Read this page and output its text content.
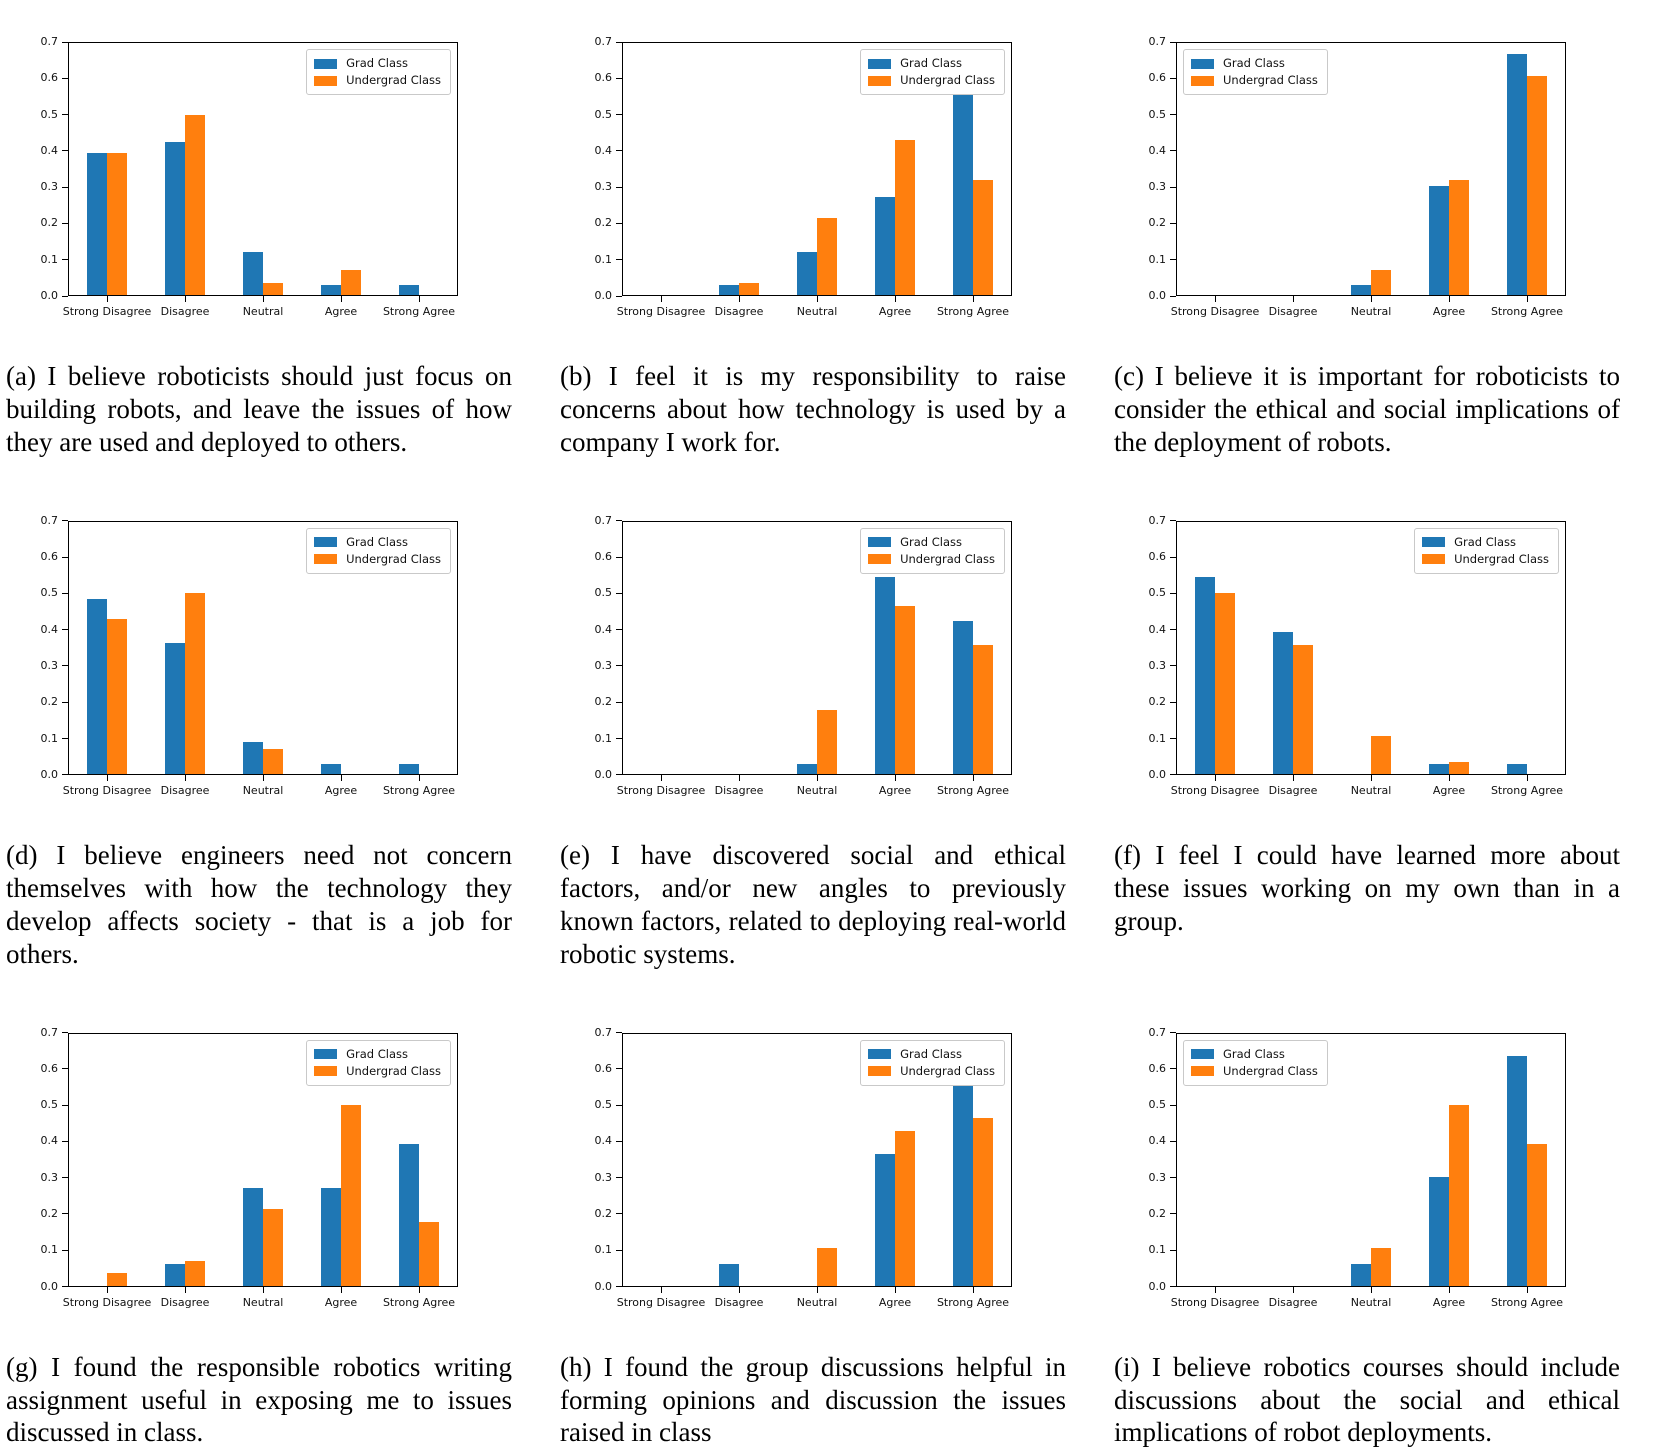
0.0
0.1
0.2
0.3
0.4
0.5
0.6
0.7
Strong Disagree Disagree	Neutral	Agree Strong Agree
Grad Class
Undergrad Class
(a) I believe roboticists should just focus on building robots, and leave the issues of how they are used and deployed to others.
0.0
0.1
0.2
0.3
0.4
0.5
0.6
0.7
Strong Disagree Disagree	Neutral	Agree Strong Agree
Grad Class
Undergrad Class
(b) I feel it is my responsibility to raise concerns about how technology is used by a company I work for.
0.0
0.1
0.2
0.3
0.4
0.5
0.6
0.7
Strong Disagree Disagree	Neutral	Agree Strong Agree
Grad Class
Undergrad Class
(c) I believe it is important for roboticists to consider the ethical and social implications of the deployment of robots.
0.0
0.1
0.2
0.3
0.4
0.5
0.6
0.7
Strong Disagree Disagree	Neutral	Agree Strong Agree
Grad Class
Undergrad Class
(d) I believe engineers need not concern themselves with how the technology they develop affects society - that is a job for others.
0.0
0.1
0.2
0.3
0.4
0.5
0.6
0.7
Strong Disagree Disagree	Neutral	Agree Strong Agree
Grad Class
Undergrad Class
(e) I have discovered social and ethical factors, and/or new angles to previously known factors, related to deploying real-world robotic systems.
0.0
0.1
0.2
0.3
0.4
0.5
0.6
0.7
Strong Disagree Disagree	Neutral	Agree Strong Agree
Grad Class
Undergrad Class
(f) I feel I could have learned more about these issues working on my own than in a group.
0.0
0.1
0.2
0.3
0.4
0.5
0.6
0.7
Strong Disagree Disagree	Neutral	Agree Strong Agree
Grad Class
Undergrad Class
(g) I found the responsible robotics writing assignment useful in exposing me to issues discussed in class.
0.0
0.1
0.2
0.3
0.4
0.5
0.6
0.7
Strong Disagree Disagree	Neutral	Agree Strong Agree
Grad Class
Undergrad Class
(h) I found the group discussions helpful in forming opinions and discussion the issues raised in class
0.0
0.1
0.2
0.3
0.4
0.5
0.6
0.7
Strong Disagree Disagree	Neutral	Agree Strong Agree
Grad Class
Undergrad Class
(i) I believe robotics courses should include discussions about the social and ethical implications of robot deployments.
